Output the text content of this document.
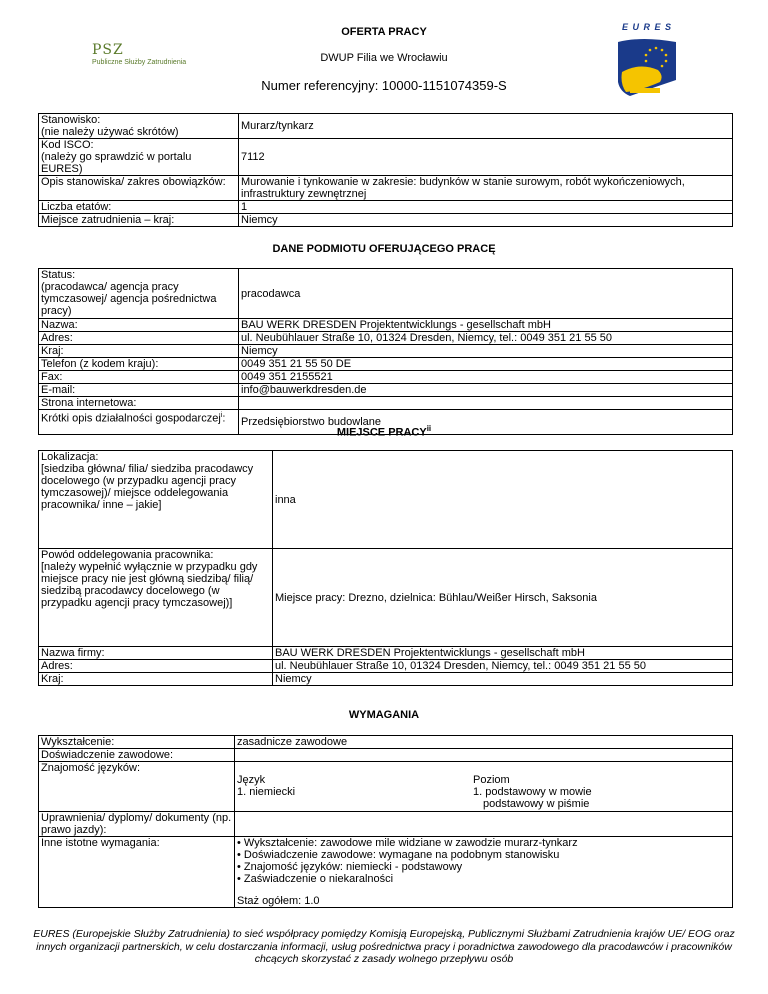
OFERTA PRACY
DWUP Filia we Wrocławiu
Numer referencyjny: 10000-1151074359-S
PSZ
Publiczne Służby Zatrudnienia
E U R E S
Stanowisko:
(nie należy używać skrótów)	Murarz/tynkarz
Kod ISCO:
(należy go sprawdzić w portalu EURES)	7112
Opis stanowiska/ zakres obowiązków:	Murowanie i tynkowanie w zakresie: budynków w stanie surowym, robót wykończeniowych, infrastruktury zewnętrznej
Liczba etatów:	1
Miejsce zatrudnienia – kraj:	Niemcy
DANE PODMIOTU OFERUJĄCEGO PRACĘ
Status:
(pracodawca/ agencja pracy tymczasowej/ agencja pośrednictwa pracy)	pracodawca
Nazwa:	BAU WERK DRESDEN Projektentwicklungs - gesellschaft mbH
Adres:	ul. Neubühlauer Straße 10, 01324 Dresden, Niemcy, tel.: 0049 351 21 55 50
Kraj:	Niemcy
Telefon (z kodem kraju):	0049 351 21 55 50 DE
Fax:	0049 351 2155521
E-mail:	info@bauwerkdresden.de
Strona internetowa:	
Krótki opis działalności gospodarczej$^i$:	Przedsiębiorstwo budowlane
MIEJSCE PRACY$^{ii}$
Lokalizacja:
[siedziba główna/ filia/ siedziba pracodawcy docelowego (w przypadku agencji pracy tymczasowej)/ miejsce oddelegowania pracownika/ inne – jakie]	inna
Powód oddelegowania pracownika:
[należy wypełnić wyłącznie w przypadku gdy miejsce pracy nie jest główną siedzibą/ filią/ siedzibą pracodawcy docelowego (w przypadku agencji pracy tymczasowej)]	Miejsce pracy: Drezno, dzielnica: Bühlau/Weißer Hirsch, Saksonia
Nazwa firmy:	BAU WERK DRESDEN Projektentwicklungs - gesellschaft mbH
Adres:	ul. Neubühlauer Straße 10, 01324 Dresden, Niemcy, tel.: 0049 351 21 55 50
Kraj:	Niemcy
WYMAGANIA
Wykształcenie:	zasadnicze zawodowe
Doświadczenie zawodowe:	
Znajomość języków:	
Język	Poziom
1. niemiecki	1. podstawowy w mowie
	podstawowy w piśmie

Uprawnienia/ dyplomy/ dokumenty (np. prawo jazdy):	
Inne istotne wymagania:	• Wykształcenie: zawodowe mile widziane w zawodzie murarz-tynkarz
• Doświadczenie zawodowe: wymagane na podobnym stanowisku
• Znajomość języków: niemiecki - podstawowy
• Zaświadczenie o niekaralności
Staż ogółem: 1.0
EURES (Europejskie Służby Zatrudnienia) to sieć współpracy pomiędzy Komisją Europejską, Publicznymi Służbami Zatrudnienia krajów UE/ EOG oraz innych organizacji partnerskich, w celu dostarczania informacji, usług pośrednictwa pracy i poradnictwa zawodowego dla pracodawców i pracowników chcących skorzystać z zasady wolnego przepływu osób
